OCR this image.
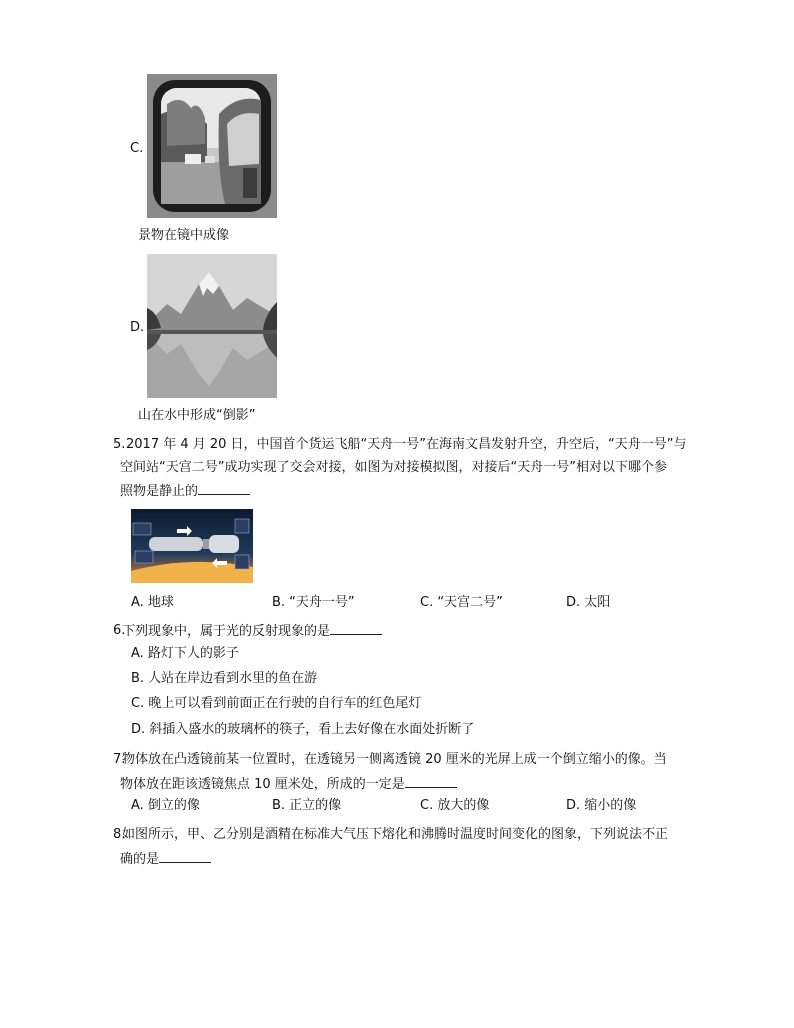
C.
景物在镜中成像
D.
山在水中形成“倒影”
5. 2017 年 4 月 20 日，中国首个货运飞船“天舟一号”在海南文昌发射升空，升空后，“天舟一号”与
空间站“天宫二号”成功实现了交会对接，如图为对接模拟图，对接后“天舟一号”相对以下哪个参
照物是静止的
A. 地球	B. “天舟一号”	C. “天宫二号”	D. 太阳
6.
下列现象中，属于光的反射现象的是
A. 路灯下人的影子
B. 人站在岸边看到水里的鱼在游
C. 晚上可以看到前面正在行驶的自行车的红色尾灯
D. 斜插入盛水的玻璃杯的筷子，看上去好像在水面处折断了
7.
物体放在凸透镜前某一位置时，在透镜另一侧离透镜 20 厘米的光屏上成一个倒立缩小的像。当
物体放在距该透镜焦点 10 厘米处，所成的一定是
A. 倒立的像	B. 正立的像	C. 放大的像	D. 缩小的像
8.
如图所示，甲、乙分别是酒精在标准大气压下熔化和沸腾时温度时间变化的图象，下列说法不正
确的是
